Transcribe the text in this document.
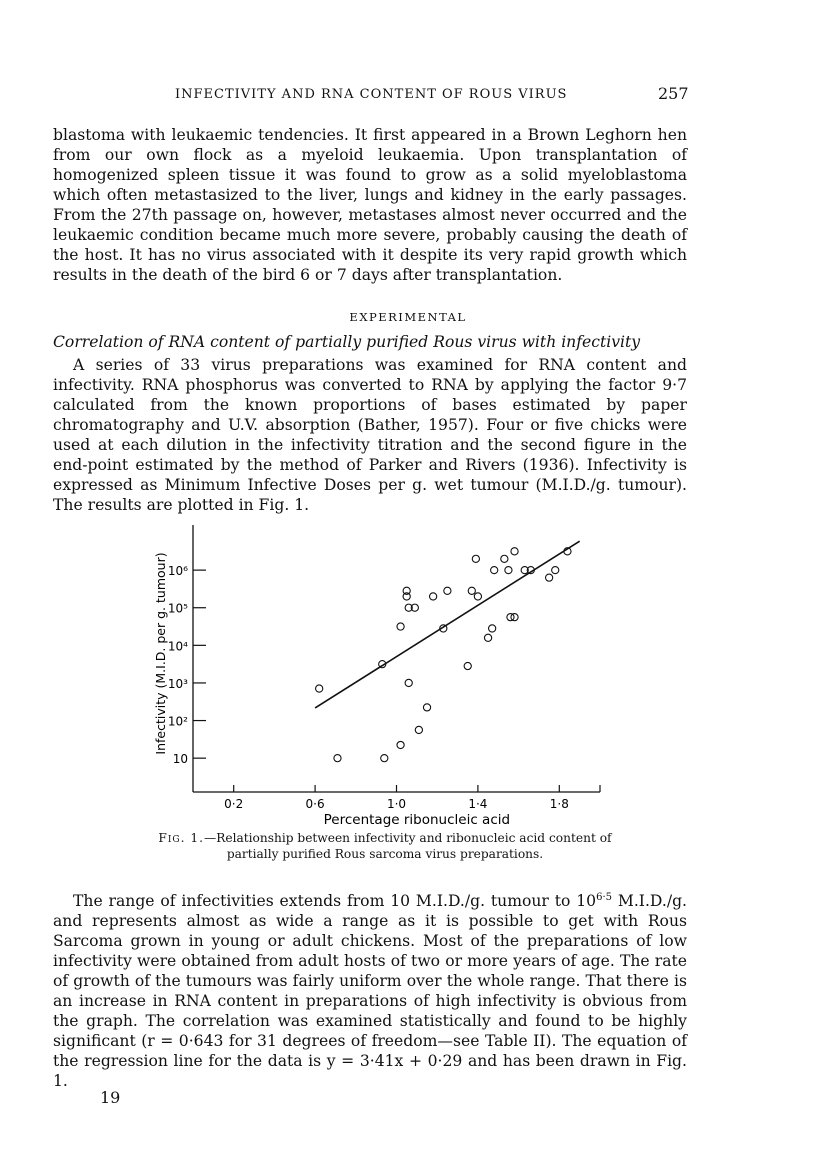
INFECTIVITY AND RNA CONTENT OF ROUS VIRUS	257

blastoma with leukaemic tendencies. It first appeared in a Brown Leghorn hen from our own flock as a myeloid leukaemia. Upon transplantation of homogenized spleen tissue it was found to grow as a solid myeloblastoma which often metastasized to the liver, lungs and kidney in the early passages. From the 27th passage on, however, metastases almost never occurred and the leukaemic condition became much more severe, probably causing the death of the host. It has no virus associated with it despite its very rapid growth which results in the death of the bird 6 or 7 days after transplantation.

EXPERIMENTAL
Correlation of RNA content of partially purified Rous virus with infectivity

A series of 33 virus preparations was examined for RNA content and infectivity. RNA phosphorus was converted to RNA by applying the factor 9·7 calculated from the known proportions of bases estimated by paper chromatography and U.V. absorption (Bather, 1957). Four or five chicks were used at each dilution in the infectivity titration and the second figure in the end-point estimated by the method of Parker and Rivers (1936). Infectivity is expressed as Minimum Infective Doses per g. wet tumour (M.I.D./g. tumour). The results are plotted in Fig. 1.

0·2	0·6	1·0	1·4	1·8
10
10²
10³
10⁴
10⁵
10⁶
Percentage ribonucleic acid
Infectivity (M.I.D. per g. tumour)
Fig. 1.—Relationship between infectivity and ribonucleic acid content of partially purified Rous sarcoma virus preparations.

The range of infectivities extends from 10 M.I.D./g. tumour to $10^{6\cdot 5}$ M.I.D./g. and represents almost as wide a range as it is possible to get with Rous Sarcoma grown in young or adult chickens. Most of the preparations of low infectivity were obtained from adult hosts of two or more years of age. The rate of growth of the tumours was fairly uniform over the whole range. That there is an increase in RNA content in preparations of high infectivity is obvious from the graph. The correlation was examined statistically and found to be highly significant (r = 0·643 for 31 degrees of freedom—see Table II). The equation of the regression line for the data is y = 3·41x + 0·29 and has been drawn in Fig. 1.

19
